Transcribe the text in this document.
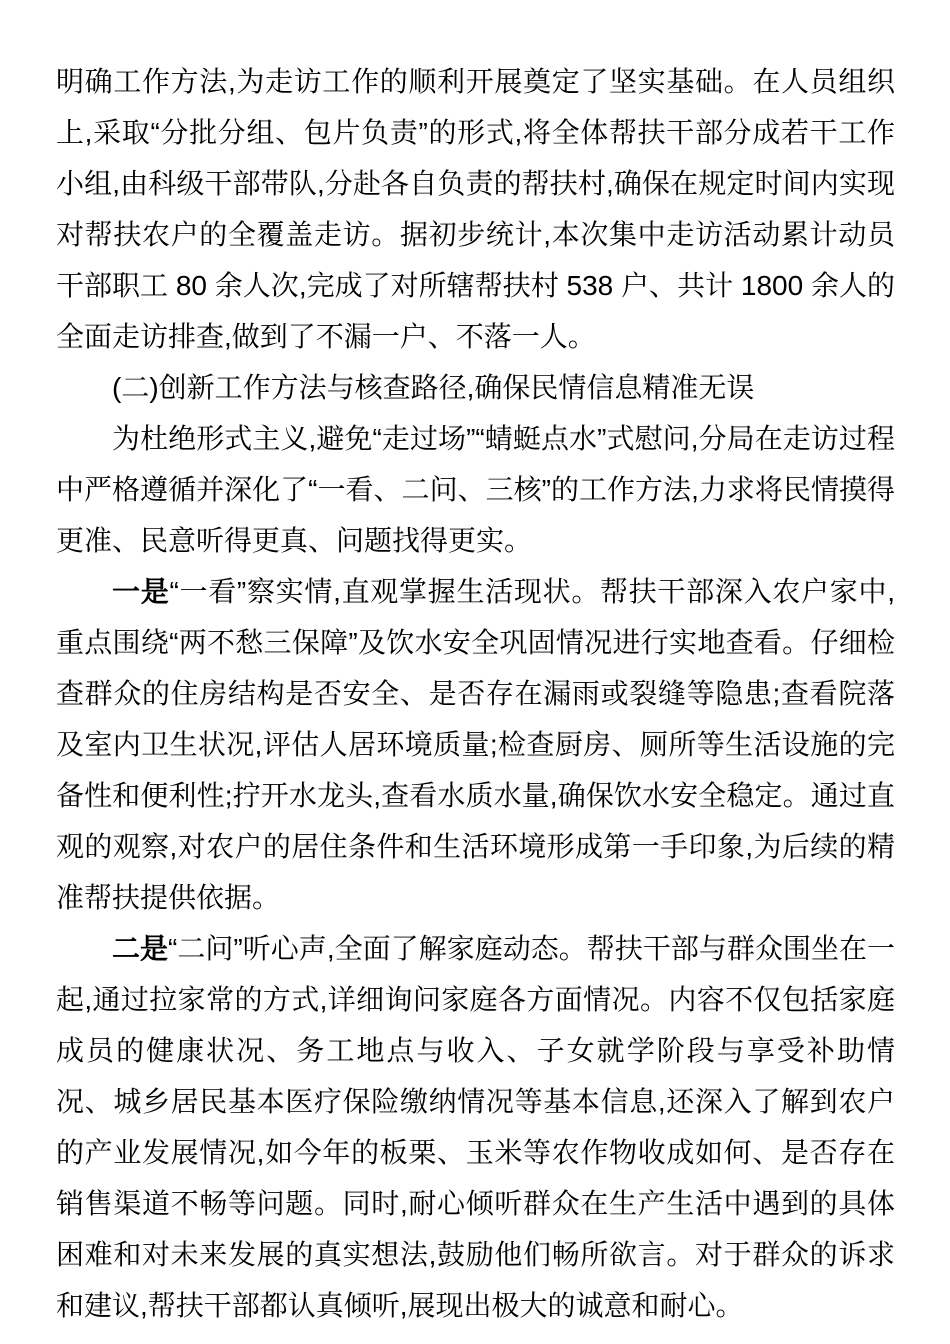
明确工作方法,为走访工作的顺利开展奠定了坚实基础。在人员组织上,采取“分批分组、包片负责”的形式,将全体帮扶干部分成若干工作小组,由科级干部带队,分赴各自负责的帮扶村,确保在规定时间内实现对帮扶农户的全覆盖走访。据初步统计,本次集中走访活动累计动员干部职工 80 余人次,完成了对所辖帮扶村 538 户、共计 1800 余人的全面走访排查,做到了不漏一户、不落一人。

(二)创新工作方法与核查路径,确保民情信息精准无误

为杜绝形式主义,避免“走过场”“蜻蜓点水”式慰问,分局在走访过程中严格遵循并深化了“一看、二问、三核”的工作方法,力求将民情摸得更准、民意听得更真、问题找得更实。

一是“一看”察实情,直观掌握生活现状。帮扶干部深入农户家中,重点围绕“两不愁三保障”及饮水安全巩固情况进行实地查看。仔细检查群众的住房结构是否安全、是否存在漏雨或裂缝等隐患;查看院落及室内卫生状况,评估人居环境质量;检查厨房、厕所等生活设施的完备性和便利性;拧开水龙头,查看水质水量,确保饮水安全稳定。通过直观的观察,对农户的居住条件和生活环境形成第一手印象,为后续的精准帮扶提供依据。

二是“二问”听心声,全面了解家庭动态。帮扶干部与群众围坐在一起,通过拉家常的方式,详细询问家庭各方面情况。内容不仅包括家庭成员的健康状况、务工地点与收入、子女就学阶段与享受补助情况、城乡居民基本医疗保险缴纳情况等基本信息,还深入了解到农户的产业发展情况,如今年的板栗、玉米等农作物收成如何、是否存在销售渠道不畅等问题。同时,耐心倾听群众在生产生活中遇到的具体困难和对未来发展的真实想法,鼓励他们畅所欲言。对于群众的诉求和建议,帮扶干部都认真倾听,展现出极大的诚意和耐心。
